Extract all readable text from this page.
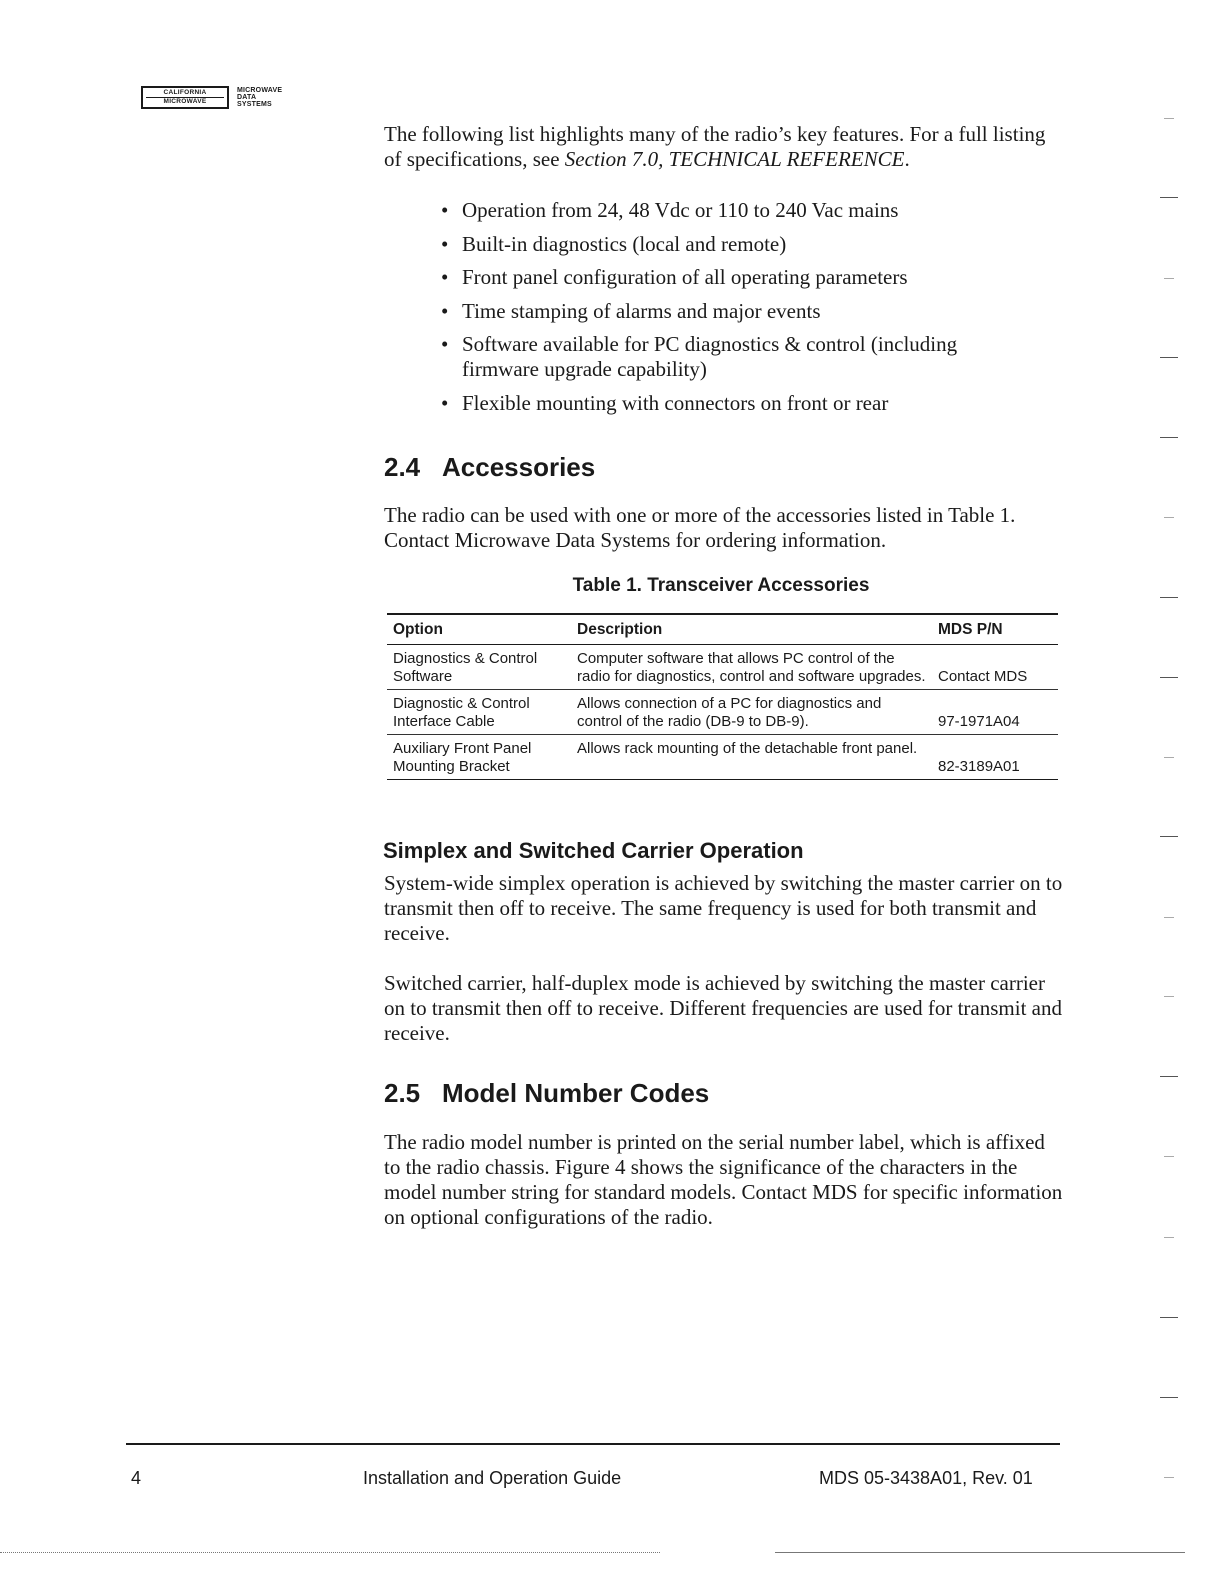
CALIFORNIA
MICROWAVE
MICROWAVE
DATA
SYSTEMS

The following list highlights many of the radio’s key features. For a full listing of specifications, see Section 7.0, TECHNICAL REFERENCE.

• Operation from 24, 48 Vdc or 110 to 240 Vac mains
• Built-in diagnostics (local and remote)
• Front panel configuration of all operating parameters
• Time stamping of alarms and major events
• Software available for PC diagnostics & control (including firmware upgrade capability)
• Flexible mounting with connectors on front or rear
2.4 Accessories

The radio can be used with one or more of the accessories listed in Table 1. Contact Microwave Data Systems for ordering information.

Table 1. Transceiver Accessories
Option	Description	MDS P/N
Diagnostics & Control Software	Computer software that allows PC control of the radio for diagnostics, control and software upgrades.	Contact MDS
Diagnostic & Control Interface Cable	Allows connection of a PC for diagnostics and control of the radio (DB-9 to DB-9).	97-1971A04
Auxiliary Front Panel Mounting Bracket	Allows rack mounting of the detachable front panel.	82-3189A01
Simplex and Switched Carrier Operation

System-wide simplex operation is achieved by switching the master carrier on to transmit then off to receive. The same frequency is used for both transmit and receive.

Switched carrier, half-duplex mode is achieved by switching the master carrier on to transmit then off to receive. Different frequencies are used for transmit and receive.

2.5 Model Number Codes

The radio model number is printed on the serial number label, which is affixed to the radio chassis. Figure 4 shows the significance of the characters in the model number string for standard models. Contact MDS for specific information on optional configurations of the radio.

4	Installation and Operation Guide	MDS 05-3438A01, Rev. 01
